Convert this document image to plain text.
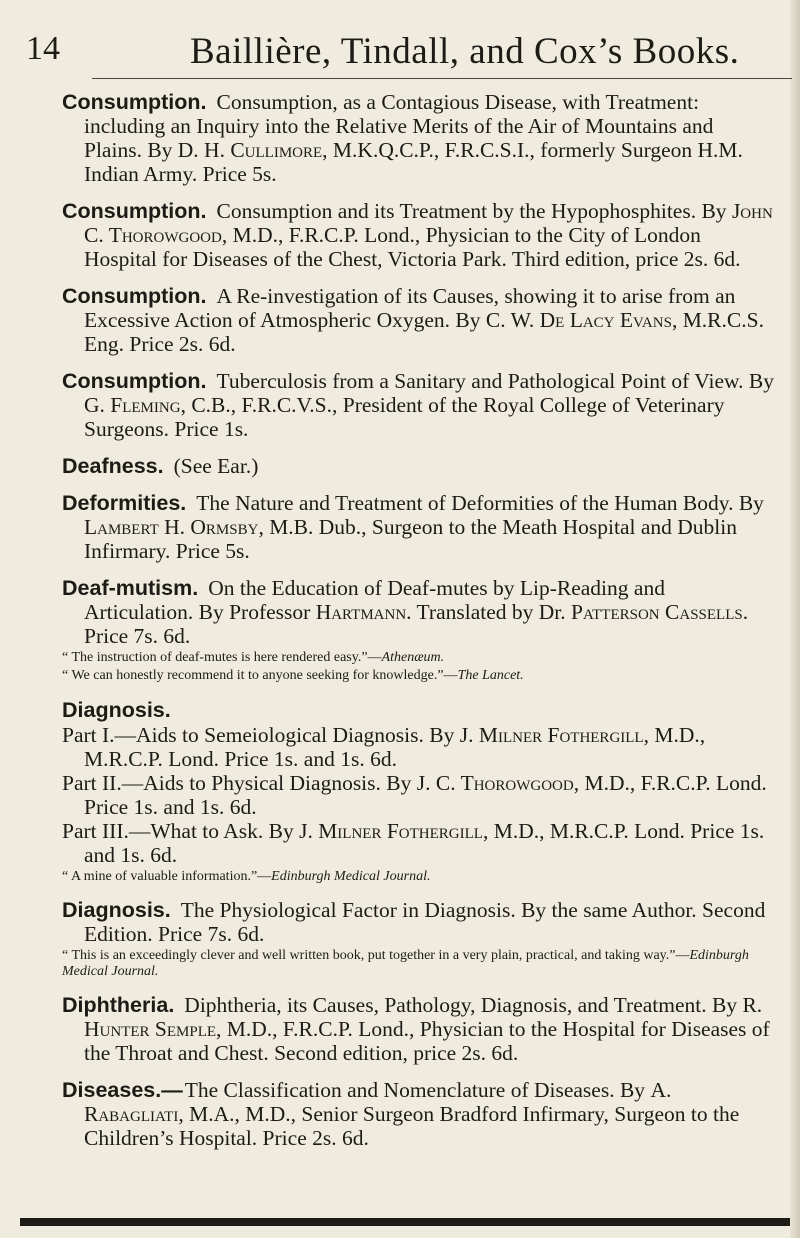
14	Baillière, Tindall, and Cox’s Books.

Consumption. Consumption, as a Contagious Disease, with Treatment: including an Inquiry into the Relative Merits of the Air of Mountains and Plains. By D. H. Cullimore, M.K.Q.C.P., F.R.C.S.I., formerly Surgeon H.M. Indian Army. Price 5s.

Consumption. Consumption and its Treatment by the Hypophosphites. By John C. Thorowgood, M.D., F.R.C.P. Lond., Physician to the City of London Hospital for Diseases of the Chest, Victoria Park. Third edition, price 2s. 6d.

Consumption. A Re-investigation of its Causes, showing it to arise from an Excessive Action of Atmospheric Oxygen. By C. W. De Lacy Evans, M.R.C.S. Eng. Price 2s. 6d.

Consumption. Tuberculosis from a Sanitary and Pathological Point of View. By G. Fleming, C.B., F.R.C.V.S., President of the Royal College of Veterinary Surgeons. Price 1s.

Deafness. (See Ear.)

Deformities. The Nature and Treatment of Deformities of the Human Body. By Lambert H. Ormsby, M.B. Dub., Surgeon to the Meath Hospital and Dublin Infirmary. Price 5s.

Deaf-mutism. On the Education of Deaf-mutes by Lip-Reading and Articulation. By Professor Hartmann. Translated by Dr. Patterson Cassells. Price 7s. 6d.

“ The instruction of deaf-mutes is here rendered easy.”—Athenæum.
“ We can honestly recommend it to anyone seeking for knowledge.”—The Lancet.
Diagnosis.

Part I.—Aids to Semeiological Diagnosis. By J. Milner Fothergill, M.D., M.R.C.P. Lond. Price 1s. and 1s. 6d.

Part II.—Aids to Physical Diagnosis. By J. C. Thorowgood, M.D., F.R.C.P. Lond. Price 1s. and 1s. 6d.

Part III.—What to Ask. By J. Milner Fothergill, M.D., M.R.C.P. Lond. Price 1s. and 1s. 6d.

“ A mine of valuable information.”—Edinburgh Medical Journal.

Diagnosis. The Physiological Factor in Diagnosis. By the same Author. Second Edition. Price 7s. 6d.

“ This is an exceedingly clever and well written book, put together in a very plain, practical, and taking way.”—Edinburgh Medical Journal.

Diphtheria. Diphtheria, its Causes, Pathology, Diagnosis, and Treatment. By R. Hunter Semple, M.D., F.R.C.P. Lond., Physician to the Hospital for Diseases of the Throat and Chest. Second edition, price 2s. 6d.

Diseases.—The Classification and Nomenclature of Diseases. By A. Rabagliati, M.A., M.D., Senior Surgeon Bradford Infirmary, Surgeon to the Children’s Hospital. Price 2s. 6d.
